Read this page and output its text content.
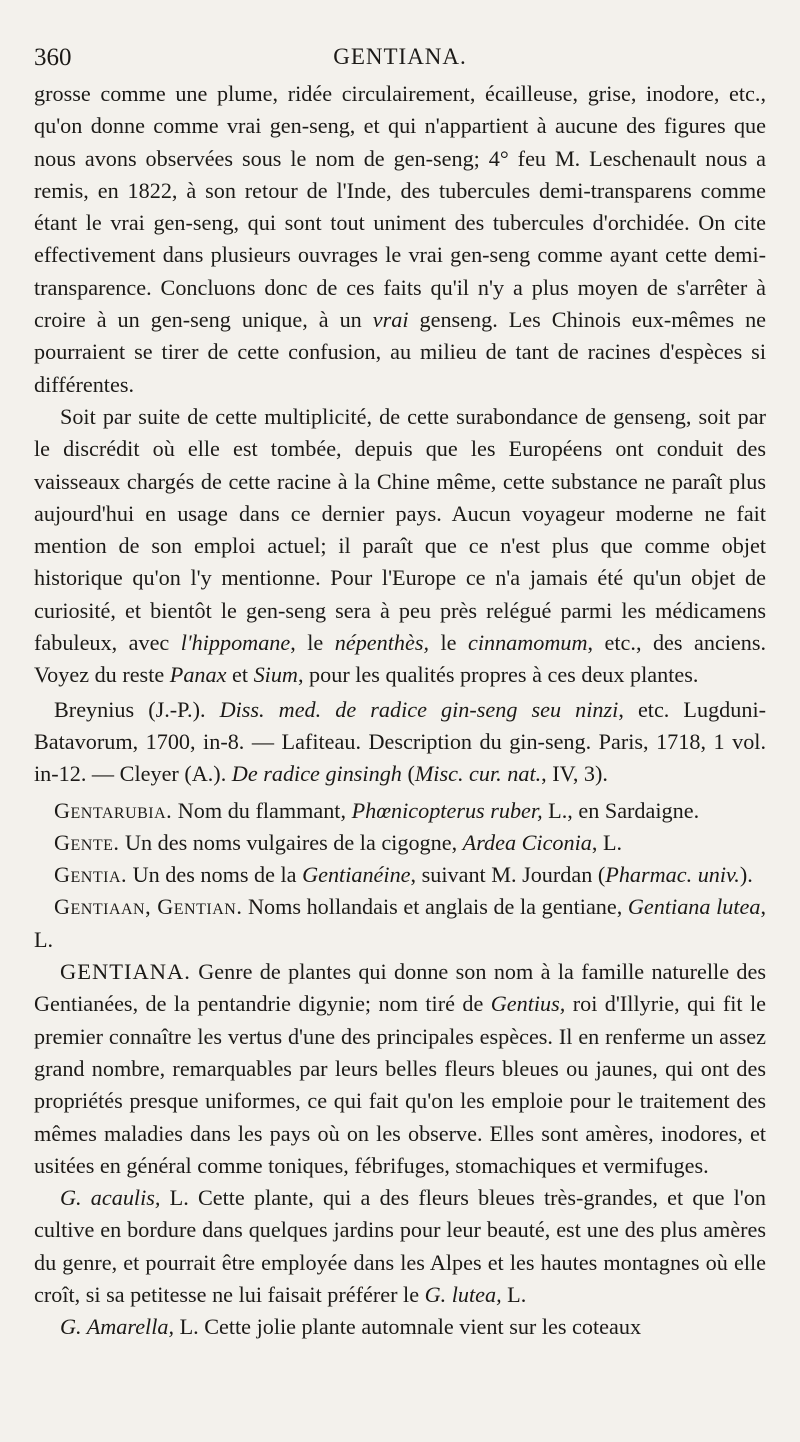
360	GENTIANA.

grosse comme une plume, ridée circulairement, écailleuse, grise, inodore, etc., qu'on donne comme vrai gen-seng, et qui n'appartient à aucune des figures que nous avons observées sous le nom de gen-seng; 4° feu M. Leschenault nous a remis, en 1822, à son retour de l'Inde, des tubercules demi-transparens comme étant le vrai gen-seng, qui sont tout uniment des tubercules d'orchidée. On cite effectivement dans plusieurs ouvrages le vrai gen-seng comme ayant cette demi-transparence. Concluons donc de ces faits qu'il n'y a plus moyen de s'arrêter à croire à un gen-seng unique, à un vrai genseng. Les Chinois eux-mêmes ne pourraient se tirer de cette confusion, au milieu de tant de racines d'espèces si différentes.

Soit par suite de cette multiplicité, de cette surabondance de genseng, soit par le discrédit où elle est tombée, depuis que les Européens ont conduit des vaisseaux chargés de cette racine à la Chine même, cette substance ne paraît plus aujourd'hui en usage dans ce dernier pays. Aucun voyageur moderne ne fait mention de son emploi actuel; il paraît que ce n'est plus que comme objet historique qu'on l'y mentionne. Pour l'Europe ce n'a jamais été qu'un objet de curiosité, et bientôt le gen-seng sera à peu près relégué parmi les médicamens fabuleux, avec l'hippomane, le népenthès, le cinnamomum, etc., des anciens. Voyez du reste Panax et Sium, pour les qualités propres à ces deux plantes.

Breynius (J.-P.). Diss. med. de radice gin-seng seu ninzi, etc. Lugduni-Batavorum, 1700, in-8. — Lafiteau. Description du gin-seng. Paris, 1718, 1 vol. in-12. — Cleyer (A.). De radice ginsingh (Misc. cur. nat., IV, 3).

Gentarubia. Nom du flammant, Phœnicopterus ruber, L., en Sardaigne.

Gente. Un des noms vulgaires de la cigogne, Ardea Ciconia, L.

Gentia. Un des noms de la Gentianéine, suivant M. Jourdan (Pharmac. univ.).

Gentiaan, Gentian. Noms hollandais et anglais de la gentiane, Gentiana lutea, L.

GENTIANA. Genre de plantes qui donne son nom à la famille naturelle des Gentianées, de la pentandrie digynie; nom tiré de Gentius, roi d'Illyrie, qui fit le premier connaître les vertus d'une des principales espèces. Il en renferme un assez grand nombre, remarquables par leurs belles fleurs bleues ou jaunes, qui ont des propriétés presque uniformes, ce qui fait qu'on les emploie pour le traitement des mêmes maladies dans les pays où on les observe. Elles sont amères, inodores, et usitées en général comme toniques, fébrifuges, stomachiques et vermifuges.

G. acaulis, L. Cette plante, qui a des fleurs bleues très-grandes, et que l'on cultive en bordure dans quelques jardins pour leur beauté, est une des plus amères du genre, et pourrait être employée dans les Alpes et les hautes montagnes où elle croît, si sa petitesse ne lui faisait préférer le G. lutea, L.

G. Amarella, L. Cette jolie plante automnale vient sur les coteaux
